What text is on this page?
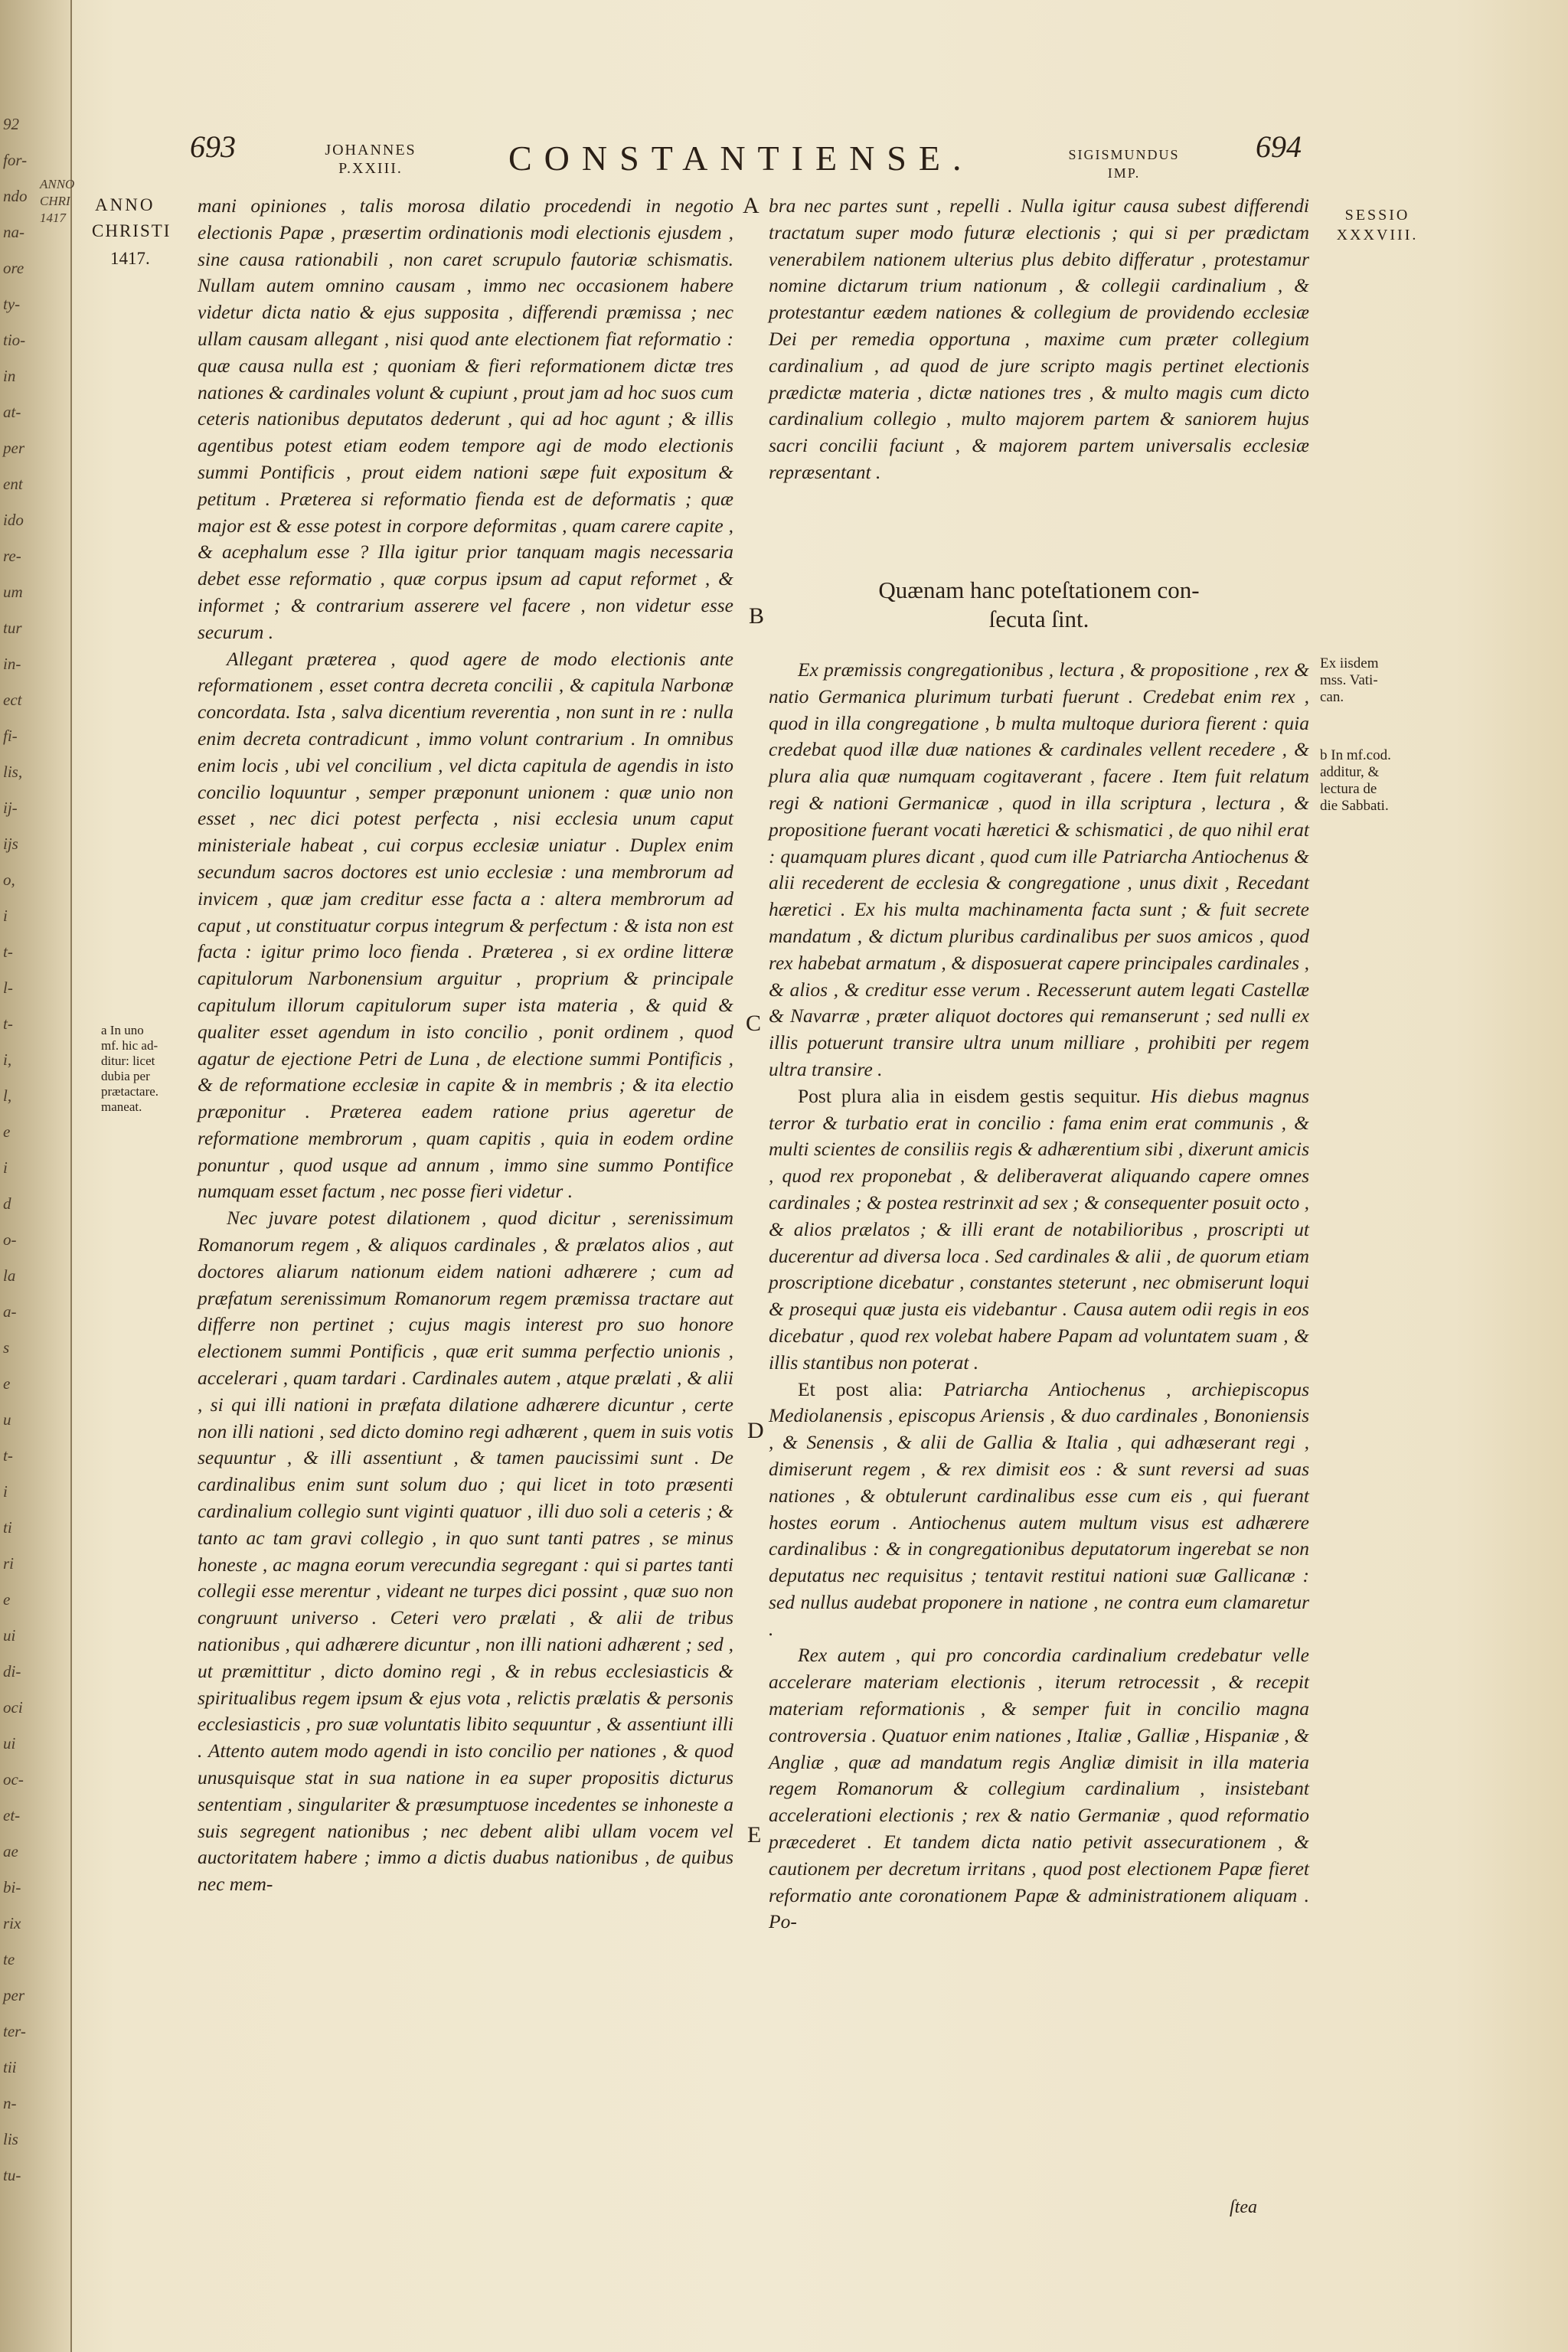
92
for-
ndo
na-
ore
ty-
tio-
in
at-
per
ent
ido
re-
um
tur
in-
ect
fi-
lis,
ij-
ijs
o,
i
t-
l-
t-
i,
l,
e
i
d
o-
la
a-
s
e
u
t-
i
ti
ri
e
ui
di-
oci
ui
oc-
et-
ae
bi-
rix
te
per
ter-
tii
n-
lis
tu-
ANNO
CHRI
1417
693	JOHANNES
P.XXIII.	CONSTANTIENSE.	SIGISMUNDUS
IMP.
694
ANNO
CHRISTI
1417.
a In uno
mf. hic ad-
ditur: licet
dubia per
prætactare.
maneat.

mani opiniones , talis morosa dilatio procedendi in negotio electionis Papæ , præsertim ordinationis modi electionis ejusdem , sine causa rationabili , non caret scrupulo fautoriæ schismatis. Nullam autem omnino causam , immo nec occasionem habere videtur dicta natio & ejus supposita , differendi præmissa ; nec ullam causam allegant , nisi quod ante electionem fiat reformatio : quæ causa nulla est ; quoniam & fieri reformationem dictæ tres nationes & cardinales volunt & cupiunt , prout jam ad hoc suos cum ceteris nationibus deputatos dederunt , qui ad hoc agunt ; & illis agentibus potest etiam eodem tempore agi de modo electionis summi Pontificis , prout eidem nationi sæpe fuit expositum & petitum . Præterea si reformatio fienda est de deformatis ; quæ major est & esse potest in corpore deformitas , quam carere capite , & acephalum esse ? Illa igitur prior tanquam magis necessaria debet esse reformatio , quæ corpus ipsum ad caput reformet , & informet ; & contrarium asserere vel facere , non videtur esse securum .

Allegant præterea , quod agere de modo electionis ante reformationem , esset contra decreta concilii , & capitula Narbonæ concordata. Ista , salva dicentium reverentia , non sunt in re : nulla enim decreta contradicunt , immo volunt contrarium . In omnibus enim locis , ubi vel concilium , vel dicta capitula de agendis in isto concilio loquuntur , semper præponunt unionem : quæ unio non esset , nec dici potest perfecta , nisi ecclesia unum caput ministeriale habeat , cui corpus ecclesiæ uniatur . Duplex enim secundum sacros doctores est unio ecclesiæ : una membrorum ad invicem , quæ jam creditur esse facta a : altera membrorum ad caput , ut constituatur corpus integrum & perfectum : & ista non est facta : igitur primo loco fienda . Præterea , si ex ordine litteræ capitulorum Narbonensium arguitur , proprium & principale capitulum illorum capitulorum super ista materia , & quid & qualiter esset agendum in isto concilio , ponit ordinem , quod agatur de ejectione Petri de Luna , de electione summi Pontificis , & de reformatione ecclesiæ in capite & in membris ; & ita electio præponitur . Præterea eadem ratione prius ageretur de reformatione membrorum , quam capitis , quia in eodem ordine ponuntur , quod usque ad annum , immo sine summo Pontifice numquam esset factum , nec posse fieri videtur .

Nec juvare potest dilationem , quod dicitur , serenissimum Romanorum regem , & aliquos cardinales , & prælatos alios , aut doctores aliarum nationum eidem nationi adhærere ; cum ad præfatum serenissimum Romanorum regem præmissa tractare aut differre non pertinet ; cujus magis interest pro suo honore electionem summi Pontificis , quæ erit summa perfectio unionis , accelerari , quam tardari . Cardinales autem , atque prælati , & alii , si qui illi nationi in præfata dilatione adhærere dicuntur , certe non illi nationi , sed dicto domino regi adhærent , quem in suis votis sequuntur , & illi assentiunt , & tamen paucissimi sunt . De cardinalibus enim sunt solum duo ; qui licet in toto præsenti cardinalium collegio sunt viginti quatuor , illi duo soli a ceteris ; & tanto ac tam gravi collegio , in quo sunt tanti patres , se minus honeste , ac magna eorum verecundia segregant : qui si partes tanti collegii esse merentur , videant ne turpes dici possint , quæ suo non congruunt universo . Ceteri vero prælati , & alii de tribus nationibus , qui adhærere dicuntur , non illi nationi adhærent ; sed , ut præmittitur , dicto domino regi , & in rebus ecclesiasticis & spiritualibus regem ipsum & ejus vota , relictis prælatis & personis ecclesiasticis , pro suæ voluntatis libito sequuntur , & assentiunt illi . Attento autem modo agendi in isto concilio per nationes , & quod unusquisque stat in sua natione in ea super propositis dicturus sententiam , singulariter & præsumptuose incedentes se inhoneste a suis segregent nationibus ; nec debent alibi ullam vocem vel auctoritatem habere ; immo a dictis duabus nationibus , de quibus nec mem-

A
B
C
D
E

bra nec partes sunt , repelli . Nulla igitur causa subest differendi tractatum super modo futuræ electionis ; qui si per prædictam venerabilem nationem ulterius plus debito differatur , protestamur nomine dictarum trium nationum , & collegii cardinalium , & protestantur eædem nationes & collegium de providendo ecclesiæ Dei per remedia opportuna , maxime cum præter collegium cardinalium , ad quod de jure scripto magis pertinet electionis prædictæ materia , dictæ nationes tres , & multo magis cum dicto cardinalium collegio , multo majorem partem & saniorem hujus sacri concilii faciunt , & majorem partem universalis ecclesiæ repræsentant .

Quænam hanc poteſtationem con-
ſecuta ſint.

Ex præmissis congregationibus , lectura , & propositione , rex & natio Germanica plurimum turbati fuerunt . Credebat enim rex , quod in illa congregatione , b multa multoque duriora fierent : quia credebat quod illæ duæ nationes & cardinales vellent recedere , & plura alia quæ numquam cogitaverant , facere . Item fuit relatum regi & nationi Germanicæ , quod in illa scriptura , lectura , & propositione fuerant vocati hæretici & schismatici , de quo nihil erat : quamquam plures dicant , quod cum ille Patriarcha Antiochenus & alii recederent de ecclesia & congregatione , unus dixit , Recedant hæretici . Ex his multa machinamenta facta sunt ; & fuit secrete mandatum , & dictum pluribus cardinalibus per suos amicos , quod rex habebat armatum , & disposuerat capere principales cardinales , & alios , & creditur esse verum . Recesserunt autem legati Castellæ & Navarræ , præter aliquot doctores qui remanserunt ; sed nulli ex illis potuerunt transire ultra unum milliare , prohibiti per regem ultra transire .

Post plura alia in eisdem gestis sequitur. His diebus magnus terror & turbatio erat in concilio : fama enim erat communis , & multi scientes de consiliis regis & adhærentium sibi , dixerunt amicis , quod rex proponebat , & deliberaverat aliquando capere omnes cardinales ; & postea restrinxit ad sex ; & consequenter posuit octo , & alios prælatos ; & illi erant de notabilioribus , proscripti ut ducerentur ad diversa loca . Sed cardinales & alii , de quorum etiam proscriptione dicebatur , constantes steterunt , nec obmiserunt loqui & prosequi quæ justa eis videbantur . Causa autem odii regis in eos dicebatur , quod rex volebat habere Papam ad voluntatem suam , & illis stantibus non poterat .

Et post alia: Patriarcha Antiochenus , archiepiscopus Mediolanensis , episcopus Ariensis , & duo cardinales , Bononiensis , & Senensis , & alii de Gallia & Italia , qui adhæserant regi , dimiserunt regem , & rex dimisit eos : & sunt reversi ad suas nationes , & obtulerunt cardinalibus esse cum eis , qui fuerant hostes eorum . Antiochenus autem multum visus est adhærere cardinalibus : & in congregationibus deputatorum ingerebat se non deputatus nec requisitus ; tentavit restitui nationi suæ Gallicanæ : sed nullus audebat proponere in natione , ne contra eum clamaretur .

Rex autem , qui pro concordia cardinalium credebatur velle accelerare materiam electionis , iterum retrocessit , & recepit materiam reformationis , & semper fuit in concilio magna controversia . Quatuor enim nationes , Italiæ , Galliæ , Hispaniæ , & Angliæ , quæ ad mandatum regis Angliæ dimisit in illa materia regem Romanorum & collegium cardinalium , insistebant accelerationi electionis ; rex & natio Germaniæ , quod reformatio præcederet . Et tandem dicta natio petivit assecurationem , & cautionem per decretum irritans , quod post electionem Papæ fieret reformatio ante coronationem Papæ & administrationem aliquam . Po-

ſtea
SESSIO
XXXVIII.
Ex iisdem
mss. Vati-
can.
b In mf.cod.
additur, &
lectura de
die Sabbati.
